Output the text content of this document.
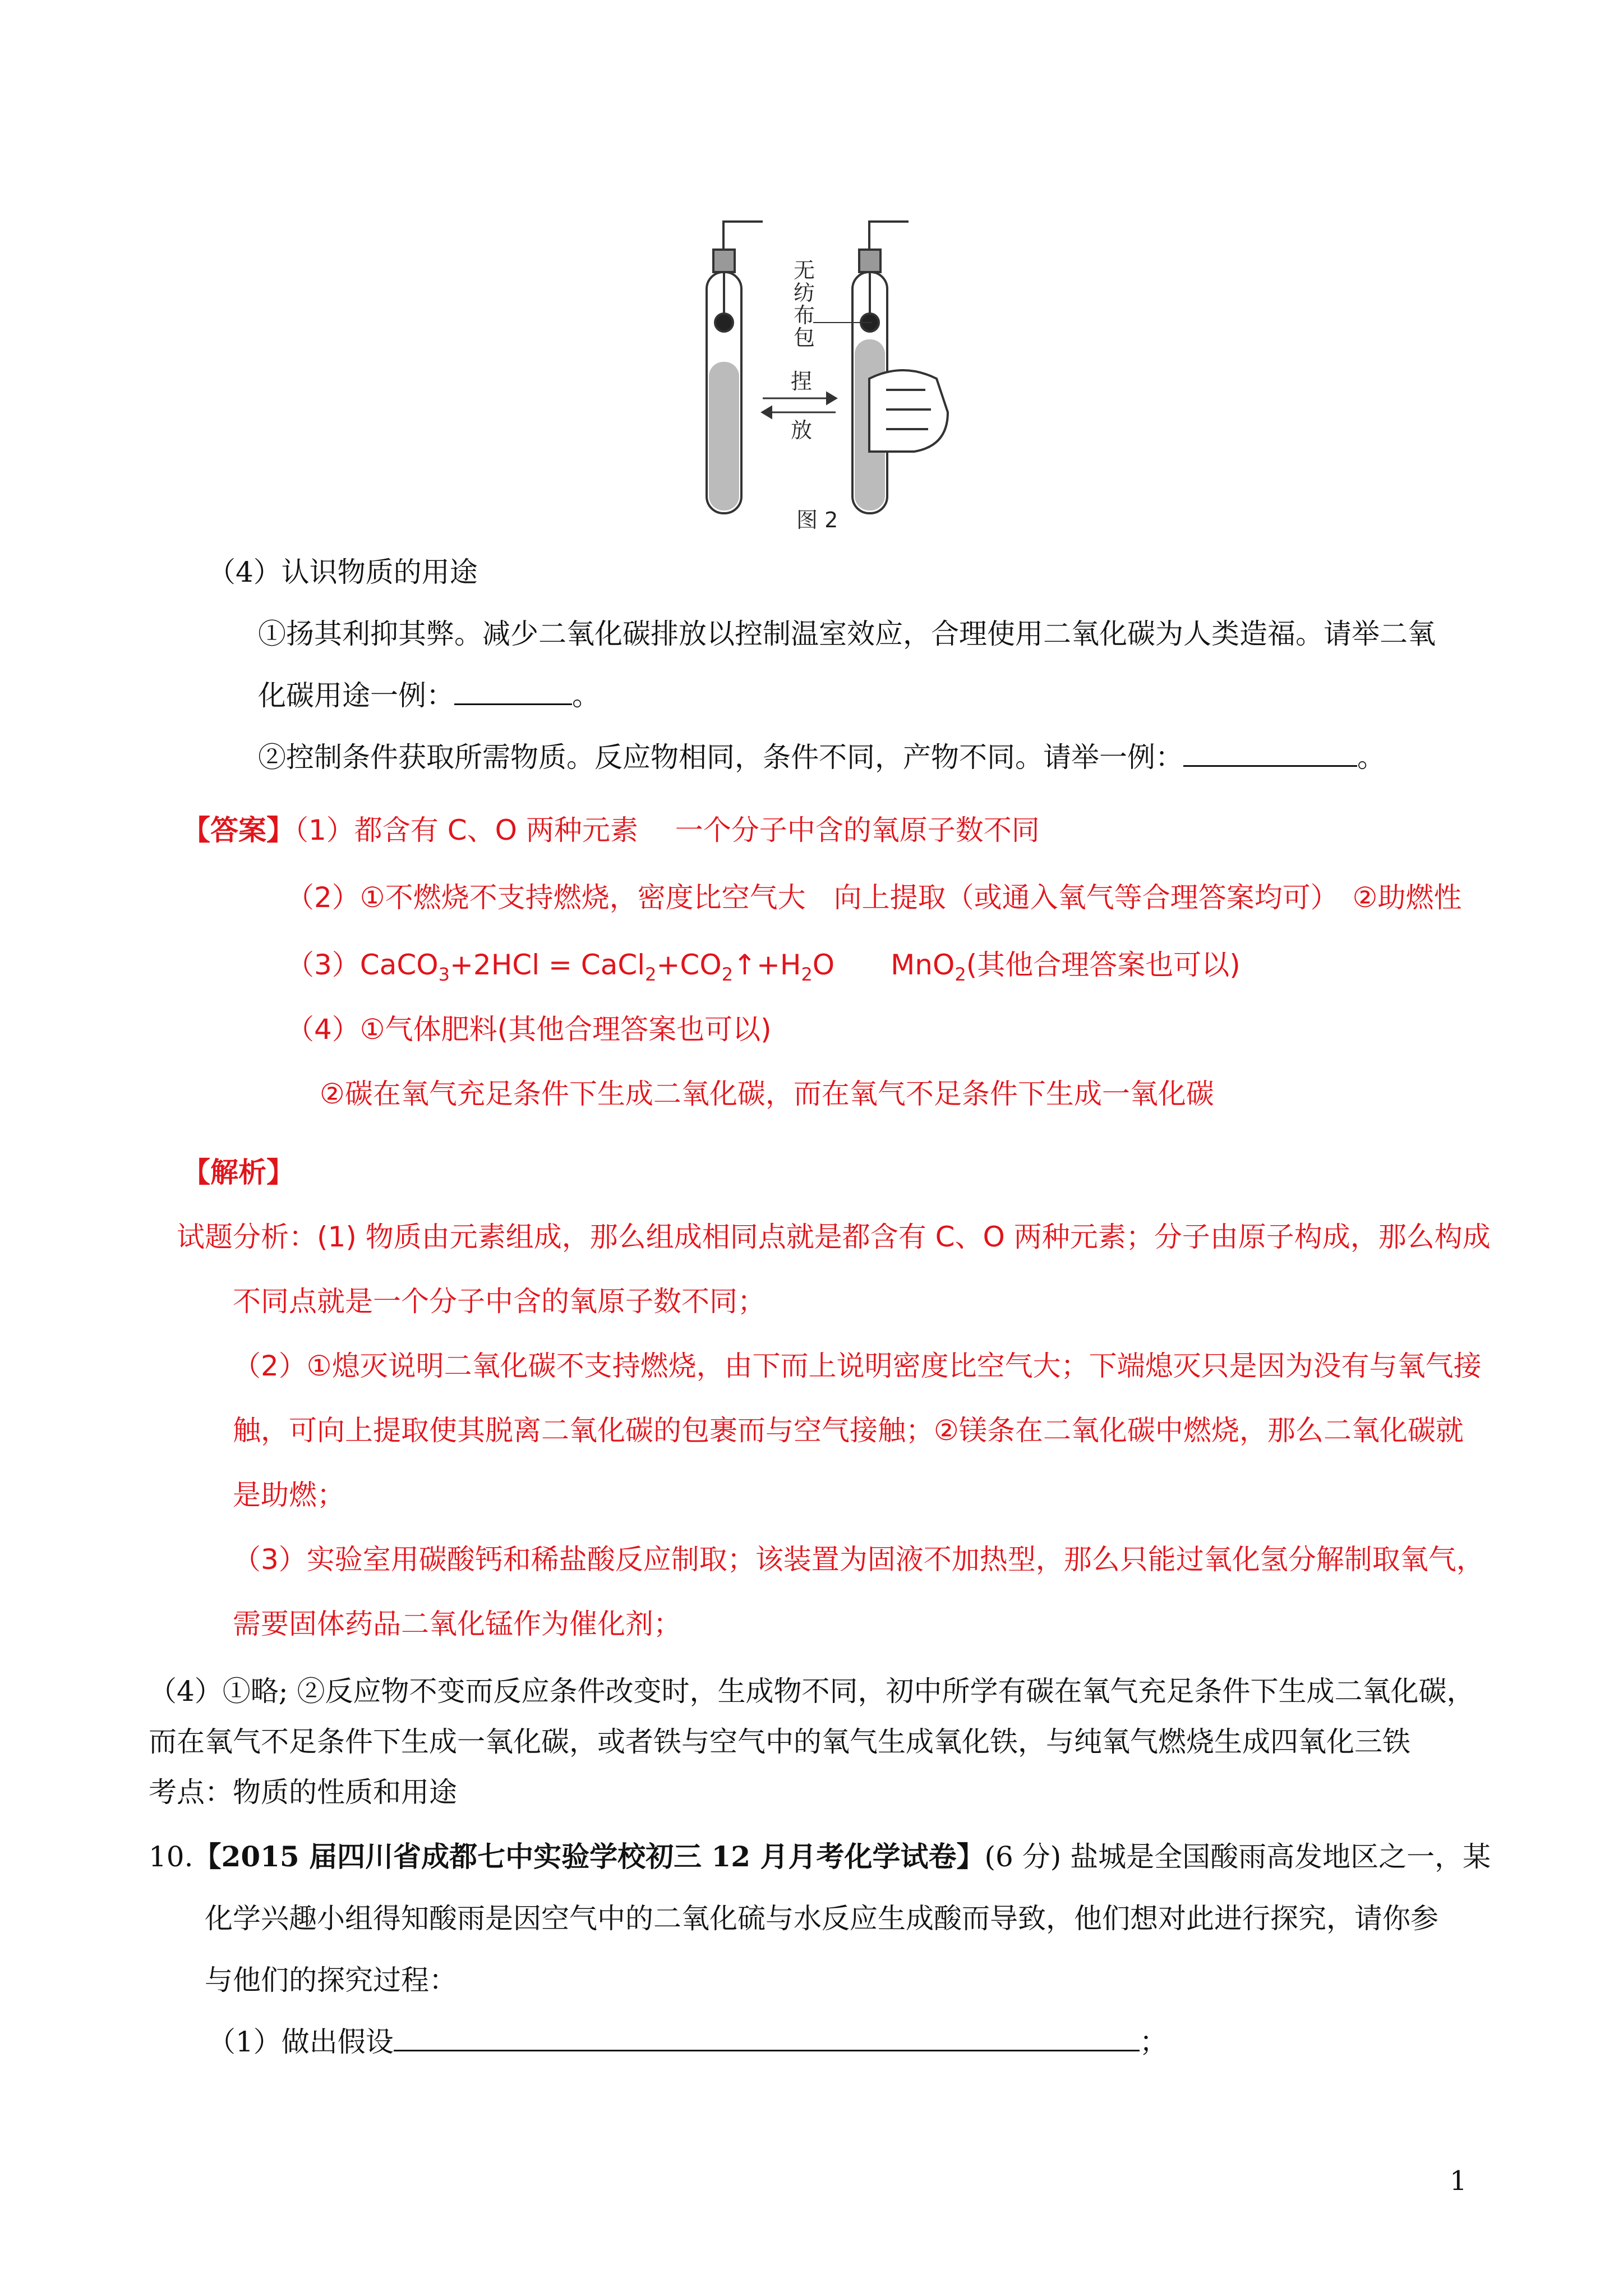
无
纺
布
包
捏
放
图 2
（4）认识物质的用途
①扬其利抑其弊。减少二氧化碳排放以控制温室效应，合理使用二氧化碳为人类造福。请举二氧
化碳用途一例：	。
②控制条件获取所需物质。反应物相同，条件不同，产物不同。请举一例：	。
【答案】（1）都含有 C、O 两种元素　 一个分子中含的氧原子数不同
（2）①不燃烧不支持燃烧，密度比空气大　向上提取（或通入氧气等合理答案均可）　②助燃性
（3）CaCO$_3$+2HCl = $CaCl_2+CO_2↑+H_2O$　　MnO$_2$(其他合理答案也可以)
（4）①气体肥料(其他合理答案也可以)
②碳在氧气充足条件下生成二氧化碳，而在氧气不足条件下生成一氧化碳
【解析】
试题分析：(1) 物质由元素组成，那么组成相同点就是都含有 C、O 两种元素；分子由原子构成，那么构成
不同点就是一个分子中含的氧原子数不同；
（2）①熄灭说明二氧化碳不支持燃烧，由下而上说明密度比空气大；下端熄灭只是因为没有与氧气接
触，可向上提取使其脱离二氧化碳的包裹而与空气接触；②镁条在二氧化碳中燃烧，那么二氧化碳就
是助燃；
（3）实验室用碳酸钙和稀盐酸反应制取；该装置为固液不加热型，那么只能过氧化氢分解制取氧气，
需要固体药品二氧化锰作为催化剂；
（4）①略; ②反应物不变而反应条件改变时，生成物不同，初中所学有碳在氧气充足条件下生成二氧化碳，
而在氧气不足条件下生成一氧化碳，或者铁与空气中的氧气生成氧化铁，与纯氧气燃烧生成四氧化三铁
考点：物质的性质和用途
10.【2015 届四川省成都七中实验学校初三 12 月月考化学试卷】(6 分) 盐城是全国酸雨高发地区之一，某
化学兴趣小组得知酸雨是因空气中的二氧化硫与水反应生成酸而导致，他们想对此进行探究，请你参
与他们的探究过程：
（1）做出假设	；
1
